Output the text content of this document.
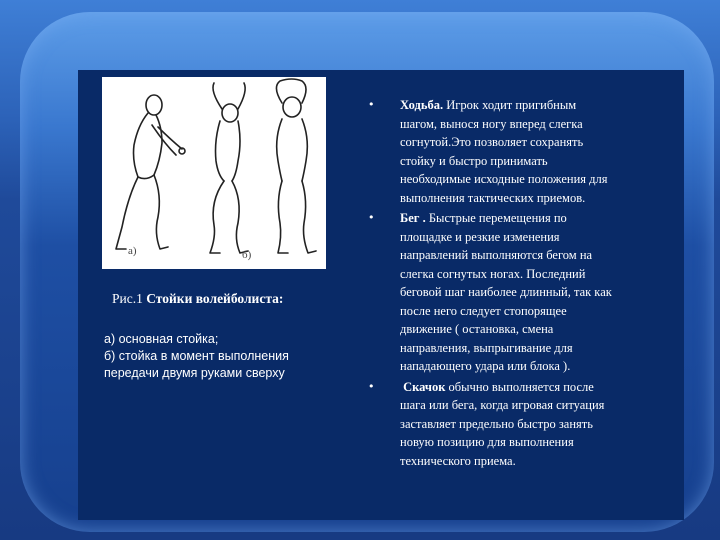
а)	б)
Рис.1 Стойки волейболиста:
а) основная стойка;
б) стойка в момент выполнения
передачи двумя руками сверху
• Ходьба. Игрок ходит пригибным
шагом, вынося ногу вперед слегка
согнутой.Это позволяет сохранять
стойку и быстро принимать
необходимые исходные положения для
выполнения тактических приемов.
• Бег . Быстрые перемещения по
площадке и резкие изменения
направлений выполняются бегом на
слегка согнутых ногах. Последний
беговой шаг наиболее длинный, так как
после него следует стопорящее
движение ( остановка, смена
направления, выпрыгивание для
нападающего удара или блока ).
• Скачок обычно выполняется после
шага или бега, когда игровая ситуация
заставляет предельно быстро занять
новую позицию для выполнения
технического приема.
